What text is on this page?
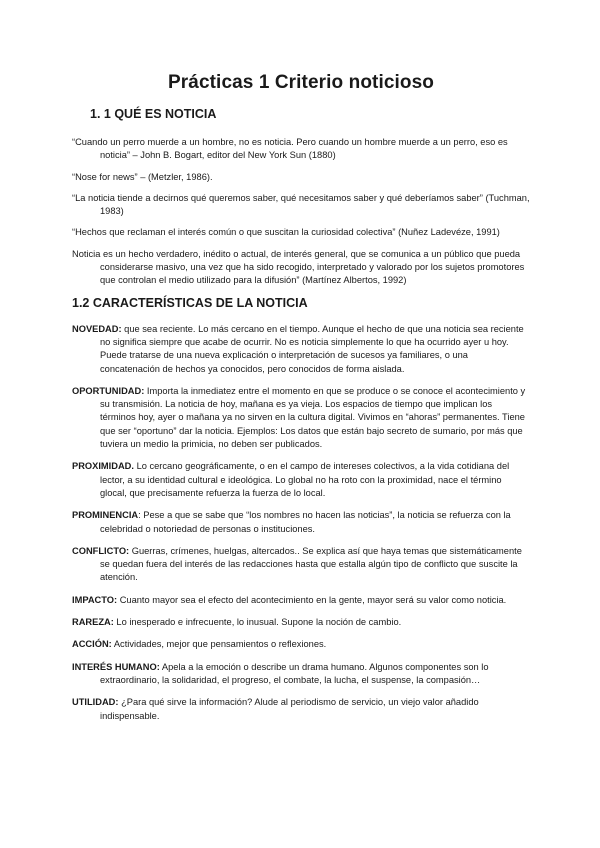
Prácticas 1 Criterio noticioso
1. 1 QUÉ ES NOTICIA

“Cuando un perro muerde a un hombre, no es noticia. Pero cuando un hombre muerde a un perro, eso es noticia” – John B. Bogart, editor del New York Sun (1880)

“Nose for news” – (Metzler, 1986).

“La noticia tiende a decirnos qué queremos saber, qué necesitamos saber y qué deberíamos saber” (Tuchman, 1983)

“Hechos que reclaman el interés común o que suscitan la curiosidad colectiva” (Nuñez Ladevéze, 1991)

Noticia es un hecho verdadero, inédito o actual, de interés general, que se comunica a un público que pueda considerarse masivo, una vez que ha sido recogido, interpretado y valorado por los sujetos promotores que controlan el medio utilizado para la difusión” (Martínez Albertos, 1992)

1.2 CARACTERÍSTICAS DE LA NOTICIA

NOVEDAD: que sea reciente. Lo más cercano en el tiempo. Aunque el hecho de que una noticia sea reciente no significa siempre que acabe de ocurrir. No es noticia simplemente lo que ha ocurrido ayer u hoy. Puede tratarse de una nueva explicación o interpretación de sucesos ya familiares, o una concatenación de hechos ya conocidos, pero conocidos de forma aislada.

OPORTUNIDAD: Importa la inmediatez entre el momento en que se produce o se conoce el acontecimiento y su transmisión. La noticia de hoy, mañana es ya vieja. Los espacios de tiempo que implican los términos hoy, ayer o mañana ya no sirven en la cultura digital. Vivimos en “ahoras” permanentes. Tiene que ser “oportuno” dar la noticia. Ejemplos: Los datos que están bajo secreto de sumario, por más que tuviera un medio la primicia, no deben ser publicados.

PROXIMIDAD. Lo cercano geográficamente, o en el campo de intereses colectivos, a la vida cotidiana del lector, a su identidad cultural e ideológica. Lo global no ha roto con la proximidad, nace el término glocal, que precisamente refuerza la fuerza de lo local.

PROMINENCIA: Pese a que se sabe que “los nombres no hacen las noticias”, la noticia se refuerza con la celebridad o notoriedad de personas o instituciones.

CONFLICTO: Guerras, crímenes, huelgas, altercados.. Se explica así que haya temas que sistemáticamente se quedan fuera del interés de las redacciones hasta que estalla algún tipo de conflicto que suscite la atención.

IMPACTO: Cuanto mayor sea el efecto del acontecimiento en la gente, mayor será su valor como noticia.

RAREZA: Lo inesperado e infrecuente, lo inusual. Supone la noción de cambio.

ACCIÓN: Actividades, mejor que pensamientos o reflexiones.

INTERÉS HUMANO: Apela a la emoción o describe un drama humano. Algunos componentes son lo extraordinario, la solidaridad, el progreso, el combate, la lucha, el suspense, la compasión…

UTILIDAD: ¿Para qué sirve la información? Alude al periodismo de servicio, un viejo valor añadido indispensable.
